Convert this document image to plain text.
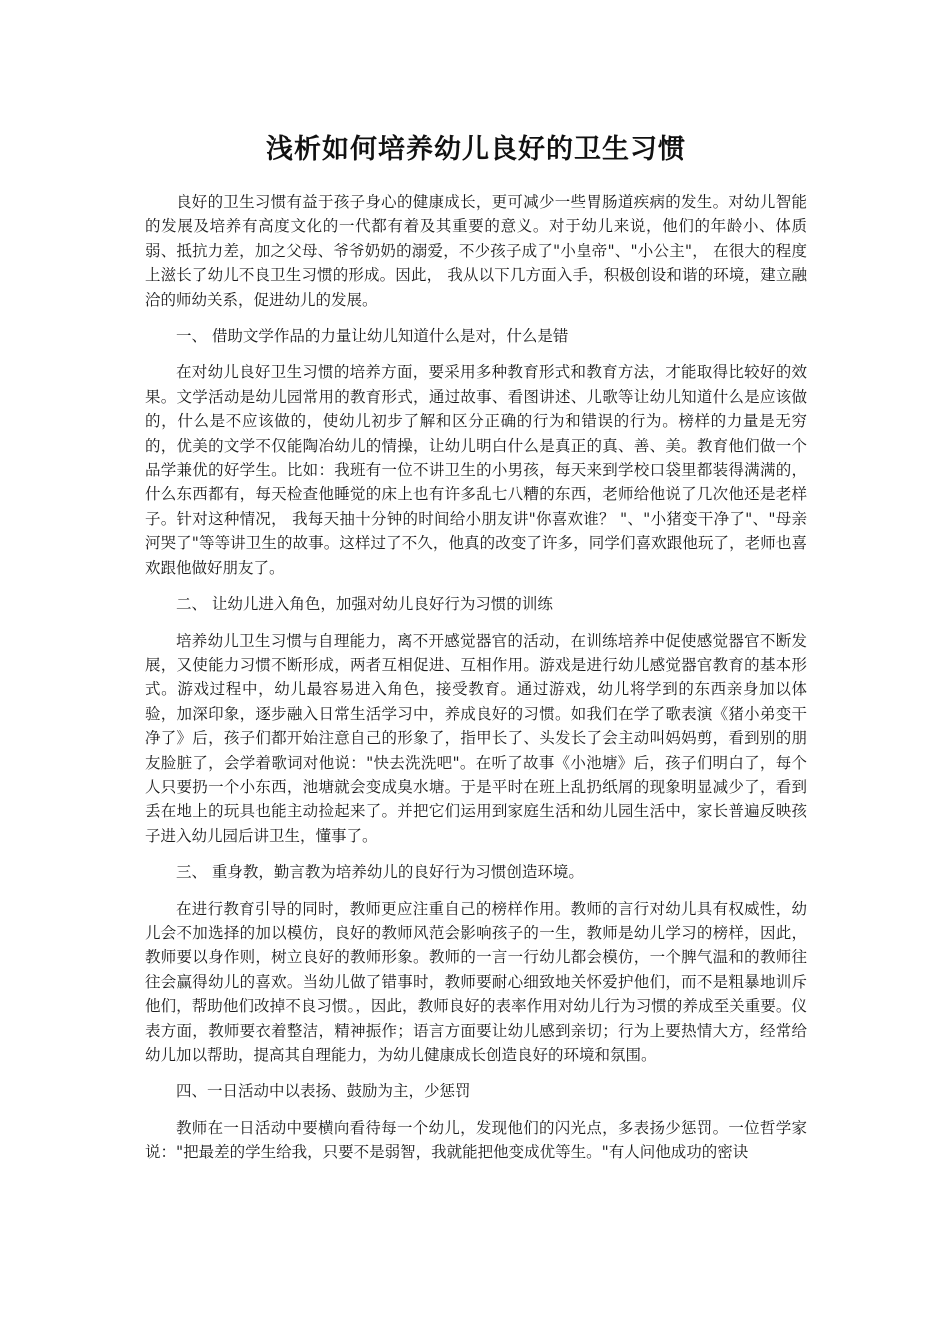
浅析如何培养幼儿良好的卫生习惯

良好的卫生习惯有益于孩子身心的健康成长，更可减少一些胃肠道疾病的发生。对幼儿智能的发展及培养有高度文化的一代都有着及其重要的意义。对于幼儿来说，他们的年龄小、体质弱、抵抗力差，加之父母、爷爷奶奶的溺爱，不少孩子成了"小皇帝"、"小公主"， 在很大的程度上滋长了幼儿不良卫生习惯的形成。因此， 我从以下几方面入手，积极创设和谐的环境，建立融洽的师幼关系，促进幼儿的发展。

一、 借助文学作品的力量让幼儿知道什么是对，什么是错

在对幼儿良好卫生习惯的培养方面，要采用多种教育形式和教育方法，才能取得比较好的效果。文学活动是幼儿园常用的教育形式，通过故事、看图讲述、儿歌等让幼儿知道什么是应该做的，什么是不应该做的，使幼儿初步了解和区分正确的行为和错误的行为。榜样的力量是无穷的，优美的文学不仅能陶冶幼儿的情操，让幼儿明白什么是真正的真、善、美。教育他们做一个品学兼优的好学生。比如：我班有一位不讲卫生的小男孩，每天来到学校口袋里都装得满满的，什么东西都有，每天检查他睡觉的床上也有许多乱七八糟的东西，老师给他说了几次他还是老样子。针对这种情况， 我每天抽十分钟的时间给小朋友讲"你喜欢谁？ "、"小猪变干净了"、"母亲河哭了"等等讲卫生的故事。这样过了不久，他真的改变了许多，同学们喜欢跟他玩了，老师也喜欢跟他做好朋友了。

二、 让幼儿进入角色，加强对幼儿良好行为习惯的训练

培养幼儿卫生习惯与自理能力，离不开感觉器官的活动，在训练培养中促使感觉器官不断发展，又使能力习惯不断形成，两者互相促进、互相作用。游戏是进行幼儿感觉器官教育的基本形式。游戏过程中，幼儿最容易进入角色，接受教育。通过游戏，幼儿将学到的东西亲身加以体验，加深印象，逐步融入日常生活学习中，养成良好的习惯。如我们在学了歌表演《猪小弟变干净了》后，孩子们都开始注意自己的形象了，指甲长了、头发长了会主动叫妈妈剪，看到别的朋友脸脏了，会学着歌词对他说："快去洗洗吧"。在听了故事《小池塘》后，孩子们明白了，每个人只要扔一个小东西，池塘就会变成臭水塘。于是平时在班上乱扔纸屑的现象明显减少了，看到丢在地上的玩具也能主动捡起来了。并把它们运用到家庭生活和幼儿园生活中，家长普遍反映孩子进入幼儿园后讲卫生，懂事了。

三、 重身教，勤言教为培养幼儿的良好行为习惯创造环境。

在进行教育引导的同时，教师更应注重自己的榜样作用。教师的言行对幼儿具有权威性，幼儿会不加选择的加以模仿，良好的教师风范会影响孩子的一生，教师是幼儿学习的榜样，因此，教师要以身作则，树立良好的教师形象。教师的一言一行幼儿都会模仿，一个脾气温和的教师往往会赢得幼儿的喜欢。当幼儿做了错事时，教师要耐心细致地关怀爱护他们，而不是粗暴地训斥他们，帮助他们改掉不良习惯。，因此，教师良好的表率作用对幼儿行为习惯的养成至关重要。仪表方面，教师要衣着整洁，精神振作；语言方面要让幼儿感到亲切；行为上要热情大方，经常给幼儿加以帮助，提高其自理能力，为幼儿健康成长创造良好的环境和氛围。

四、一日活动中以表扬、鼓励为主，少惩罚

教师在一日活动中要横向看待每一个幼儿，发现他们的闪光点，多表扬少惩罚。一位哲学家说："把最差的学生给我，只要不是弱智，我就能把他变成优等生。"有人问他成功的密诀
